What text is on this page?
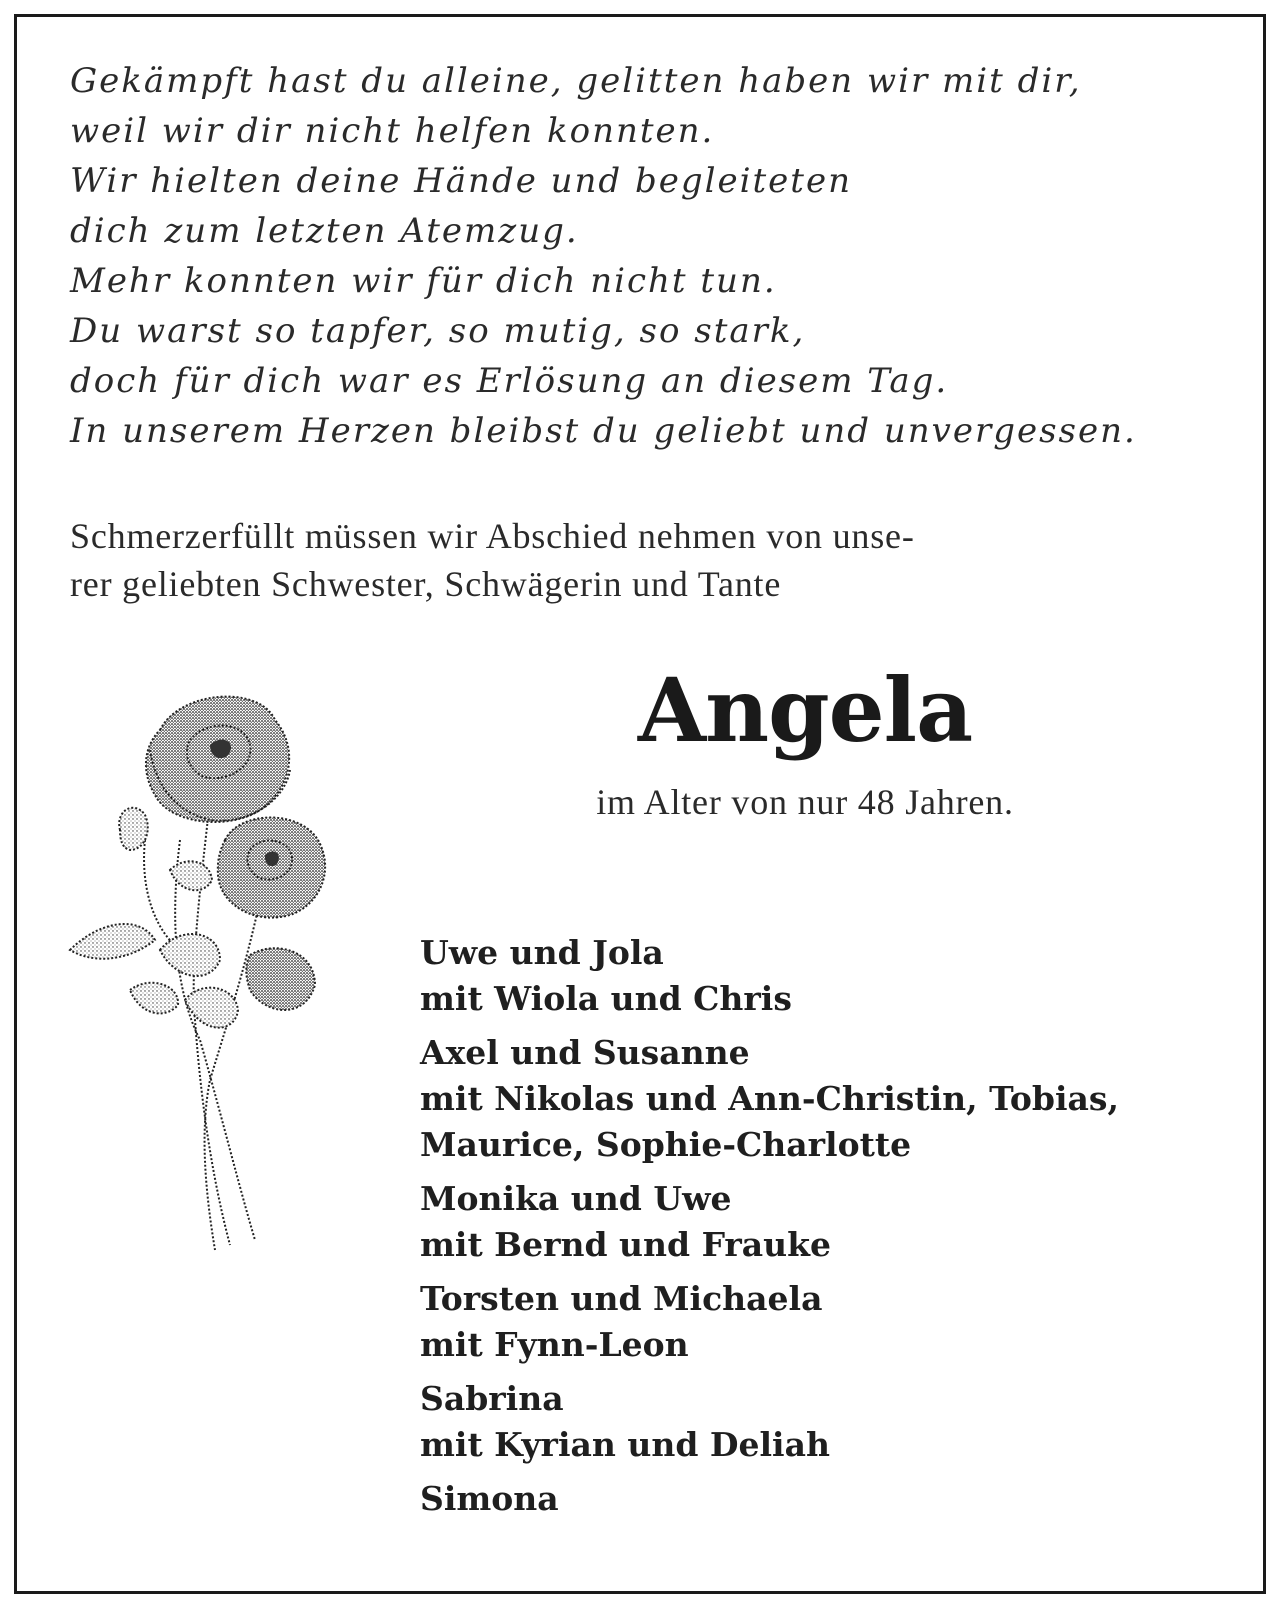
Gekämpft hast du alleine, gelitten haben wir mit dir,
weil wir dir nicht helfen konnten.
Wir hielten deine Hände und begleiteten
dich zum letzten Atemzug.
Mehr konnten wir für dich nicht tun.
Du warst so tapfer, so mutig, so stark,
doch für dich war es Erlösung an diesem Tag.
In unserem Herzen bleibst du geliebt und unvergessen.
Schmerzerfüllt müssen wir Abschied nehmen von unse-
rer geliebten Schwester, Schwägerin und Tante
Angela
im Alter von nur 48 Jahren.
Uwe und Jola
mit Wiola und Chris
Axel und Susanne
mit Nikolas und Ann-Christin, Tobias,
Maurice, Sophie-Charlotte
Monika und Uwe
mit Bernd und Frauke
Torsten und Michaela
mit Fynn-Leon
Sabrina
mit Kyrian und Deliah
Simona
